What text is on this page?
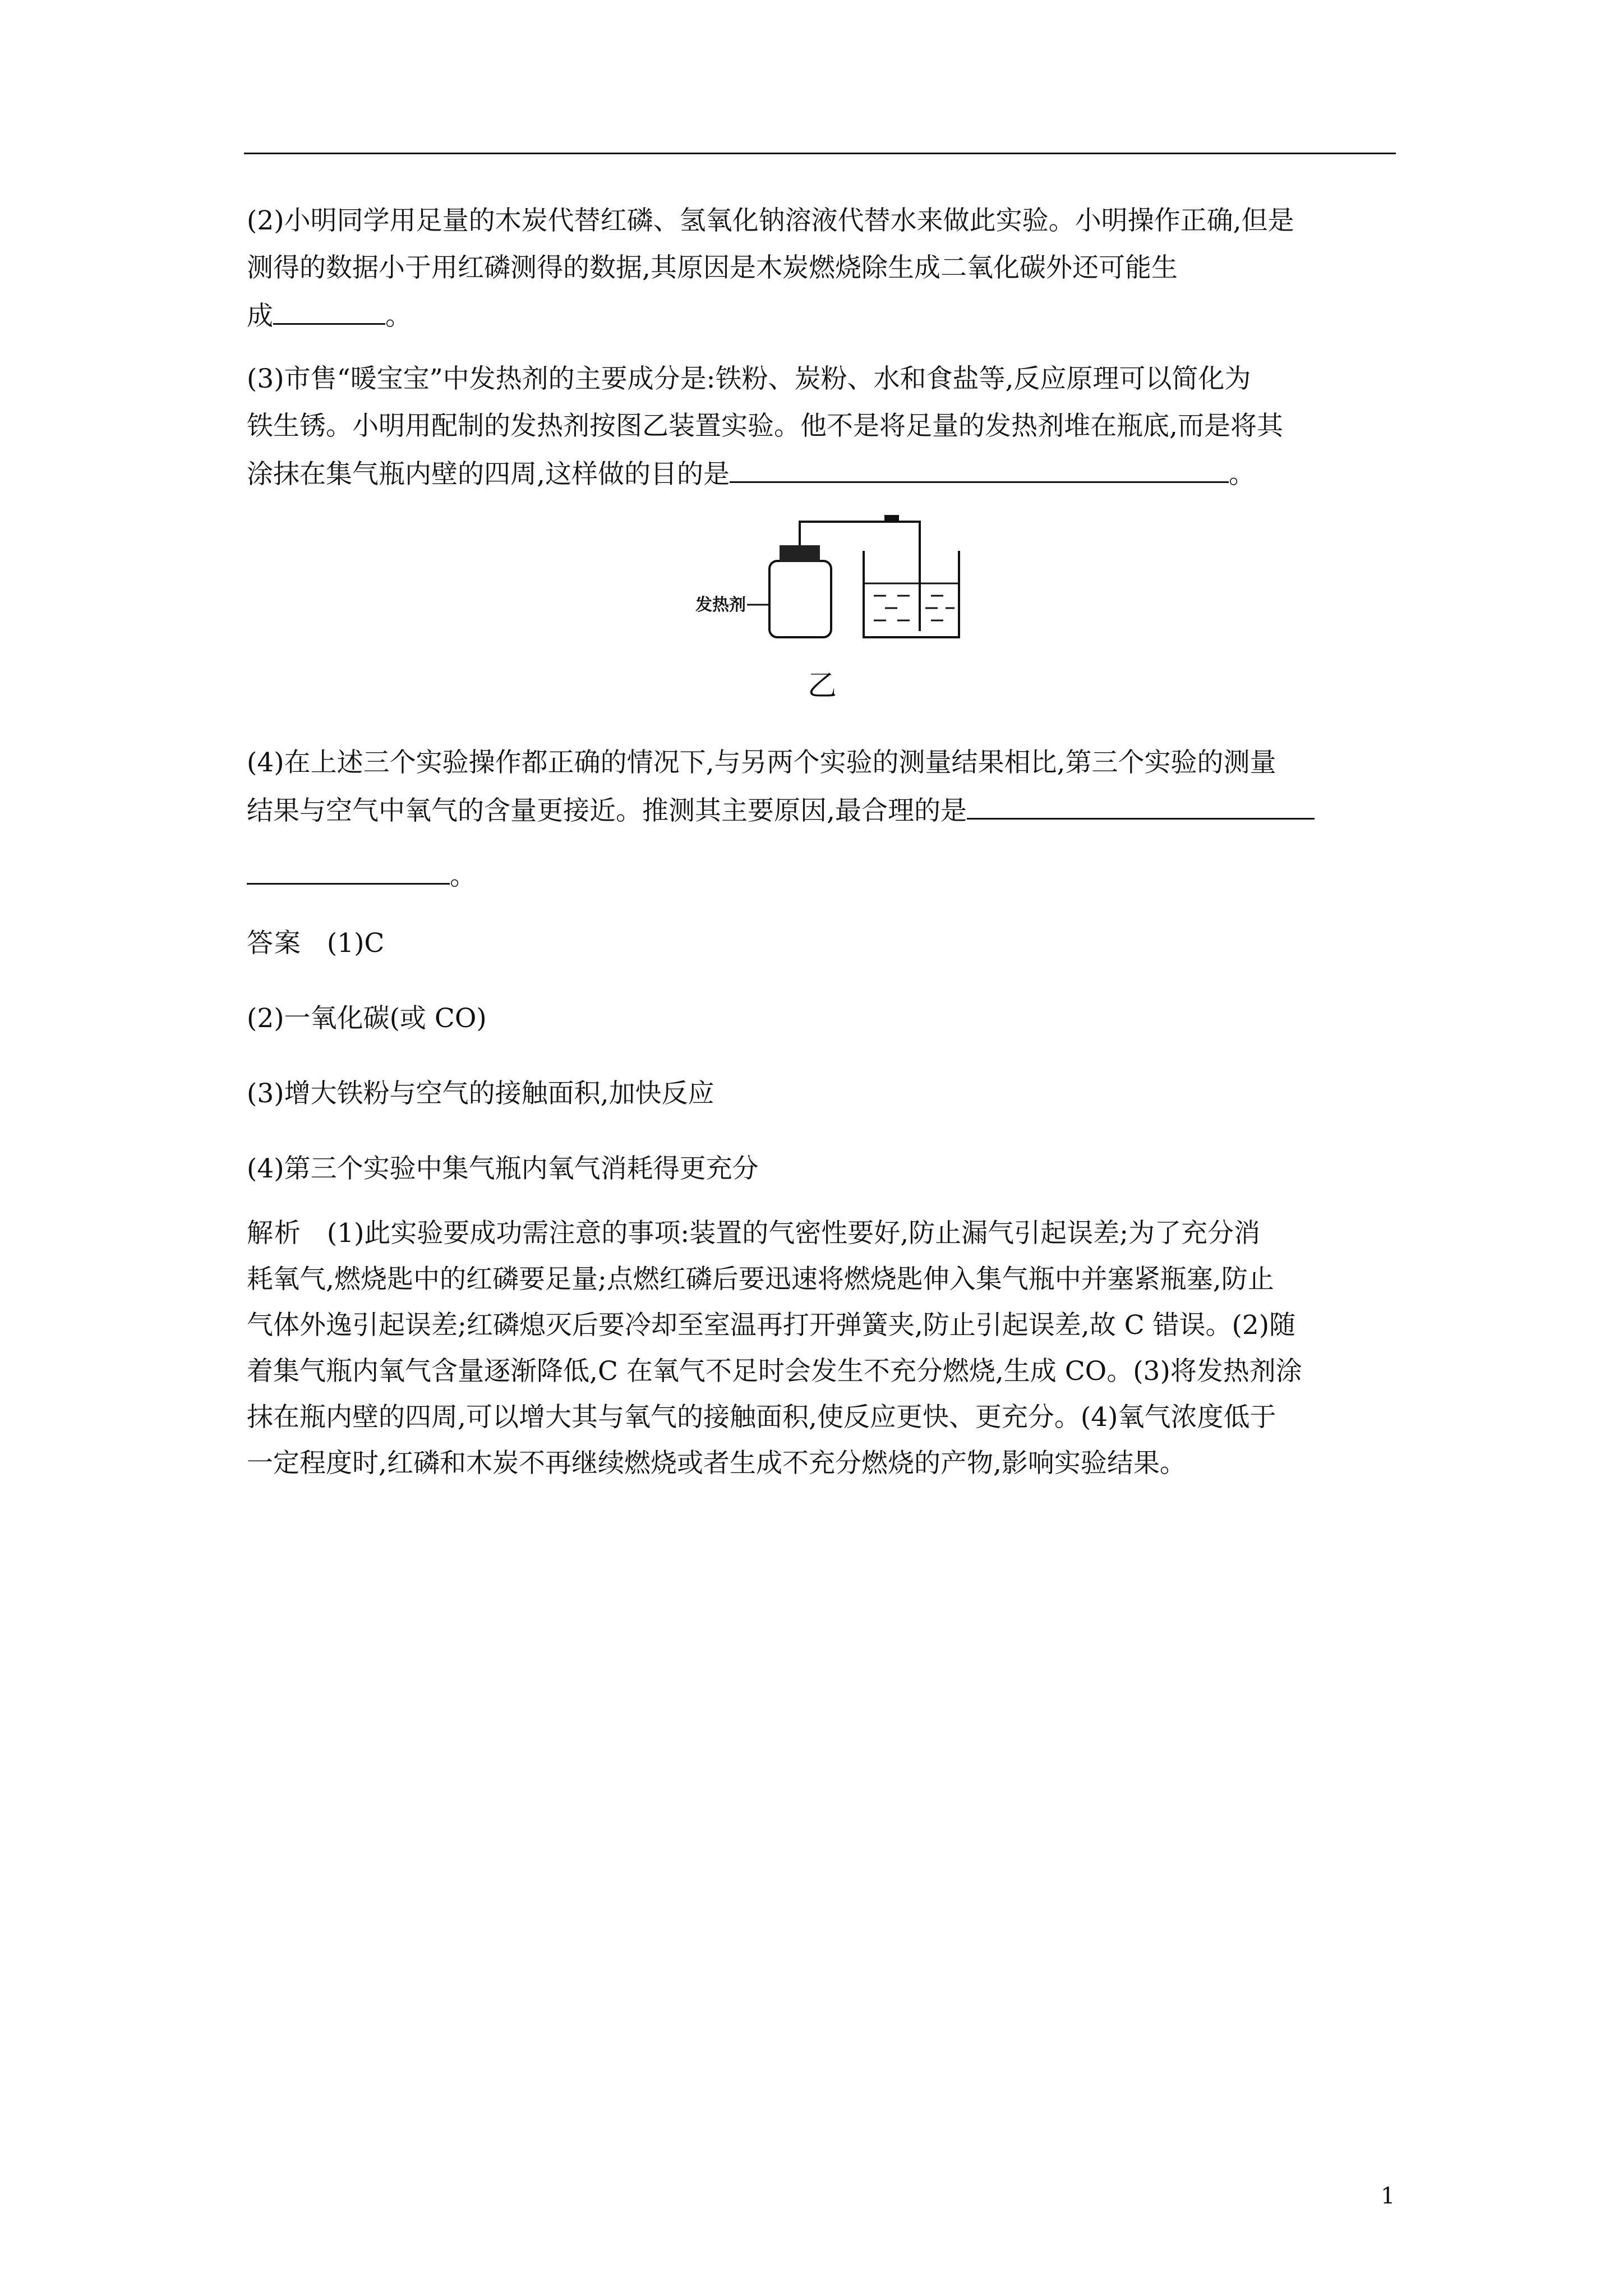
(2)小明同学用足量的木炭代替红磷、氢氧化钠溶液代替水来做此实验。小明操作正确,但是

测得的数据小于用红磷测得的数据,其原因是木炭燃烧除生成二氧化碳外还可能生

成	。

(3)市售“暖宝宝”中发热剂的主要成分是:铁粉、炭粉、水和食盐等,反应原理可以简化为

铁生锈。小明用配制的发热剂按图乙装置实验。他不是将足量的发热剂堆在瓶底,而是将其

涂抹在集气瓶内壁的四周,这样做的目的是	。

发热剂
乙

(4)在上述三个实验操作都正确的情况下,与另两个实验的测量结果相比,第三个实验的测量

结果与空气中氧气的含量更接近。推测其主要原因,最合理的是

。

答案 (1)C

(2)一氧化碳(或 CO)

(3)增大铁粉与空气的接触面积,加快反应

(4)第三个实验中集气瓶内氧气消耗得更充分

解析 (1)此实验要成功需注意的事项:装置的气密性要好,防止漏气引起误差;为了充分消

耗氧气,燃烧匙中的红磷要足量;点燃红磷后要迅速将燃烧匙伸入集气瓶中并塞紧瓶塞,防止

气体外逸引起误差;红磷熄灭后要冷却至室温再打开弹簧夹,防止引起误差,故 C 错误。(2)随

着集气瓶内氧气含量逐渐降低,C 在氧气不足时会发生不充分燃烧,生成 CO。(3)将发热剂涂

抹在瓶内壁的四周,可以增大其与氧气的接触面积,使反应更快、更充分。(4)氧气浓度低于

一定程度时,红磷和木炭不再继续燃烧或者生成不充分燃烧的产物,影响实验结果。

1
